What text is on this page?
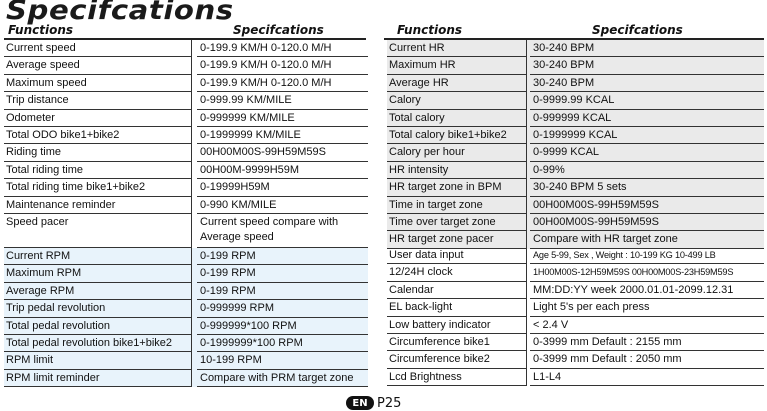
Specifcations
Functions	Specifcations	Functions	Specifcations
Current speed	0-199.9 KM/H 0-120.0 M/H
Average speed	0-199.9 KM/H 0-120.0 M/H
Maximum speed	0-199.9 KM/H 0-120.0 M/H
Trip distance	0-999.99 KM/MILE
Odometer	0-999999 KM/MILE
Total ODO bike1+bike2	0-1999999 KM/MILE
Riding time	00H00M00S-99H59M59S
Total riding time	00H00M-9999H59M
Total riding time bike1+bike2	0-19999H59M
Maintenance reminder	0-990 KM/MILE
Speed pacer	Current speed compare with Average speed
Current RPM	0-199 RPM
Maximum RPM	0-199 RPM
Average RPM	0-199 RPM
Trip pedal revolution	0-999999 RPM
Total pedal revolution	0-999999*100 RPM
Total pedal revolution bike1+bike2	0-1999999*100 RPM
RPM limit	10-199 RPM
RPM limit reminder	Compare with PRM target zone
Current HR	30-240 BPM
Maximum HR	30-240 BPM
Average HR	30-240 BPM
Calory	0-9999.99 KCAL
Total calory	0-999999 KCAL
Total calory bike1+bike2	0-1999999 KCAL
Calory per hour	0-9999 KCAL
HR intensity	0-99%
HR target zone in BPM	30-240 BPM 5 sets
Time in target zone	00H00M00S-99H59M59S
Time over target zone	00H00M00S-99H59M59S
HR target zone pacer	Compare with HR target zone
User data input	Age 5-99, Sex , Weight : 10-199 KG 10-499 LB
12/24H clock	1H00M00S-12H59M59S 00H00M00S-23H59M59S
Calendar	MM:DD:YY week 2000.01.01-2099.12.31
EL back-light	Light 5's per each press
Low battery indicator	< 2.4 V
Circumference bike1	0-3999 mm Default : 2155 mm
Circumference bike2	0-3999 mm Default : 2050 mm
Lcd Brightness	L1-L4
EN P25
